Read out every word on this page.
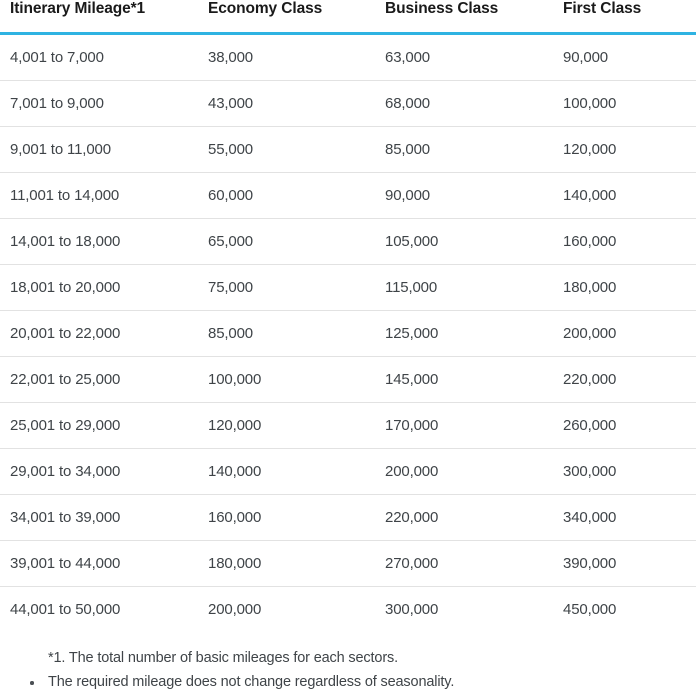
Itinerary Mileage*1	Economy Class	Business Class	First Class
4,001 to 7,000	38,000	63,000	90,000
7,001 to 9,000	43,000	68,000	100,000
9,001 to 11,000	55,000	85,000	120,000
11,001 to 14,000	60,000	90,000	140,000
14,001 to 18,000	65,000	105,000	160,000
18,001 to 20,000	75,000	115,000	180,000
20,001 to 22,000	85,000	125,000	200,000
22,001 to 25,000	100,000	145,000	220,000
25,001 to 29,000	120,000	170,000	260,000
29,001 to 34,000	140,000	200,000	300,000
34,001 to 39,000	160,000	220,000	340,000
39,001 to 44,000	180,000	270,000	390,000
44,001 to 50,000	200,000	300,000	450,000
*1. The total number of basic mileages for each sectors.
The required mileage does not change regardless of seasonality.
